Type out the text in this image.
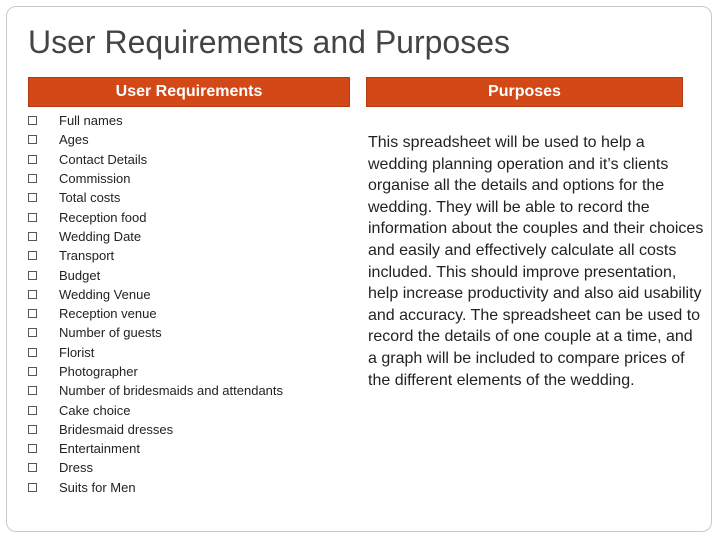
User Requirements and Purposes
User Requirements	Purposes
Full names
Ages
Contact Details
Commission
Total costs
Reception food
Wedding Date
Transport
Budget
Wedding Venue
Reception venue
Number of guests
Florist
Photographer
Number of bridesmaids and attendants
Cake choice
Bridesmaid dresses
Entertainment
Dress
Suits for Men

This spreadsheet will be used to help a wedding planning operation and it’s clients organise all the details and options for the wedding. They will be able to record the information about the couples and their choices and easily and effectively calculate all costs included. This should improve presentation, help increase productivity and also aid usability and accuracy. The spreadsheet can be used to record the details of one couple at a time, and a graph will be included to compare prices of the different elements of the wedding.
